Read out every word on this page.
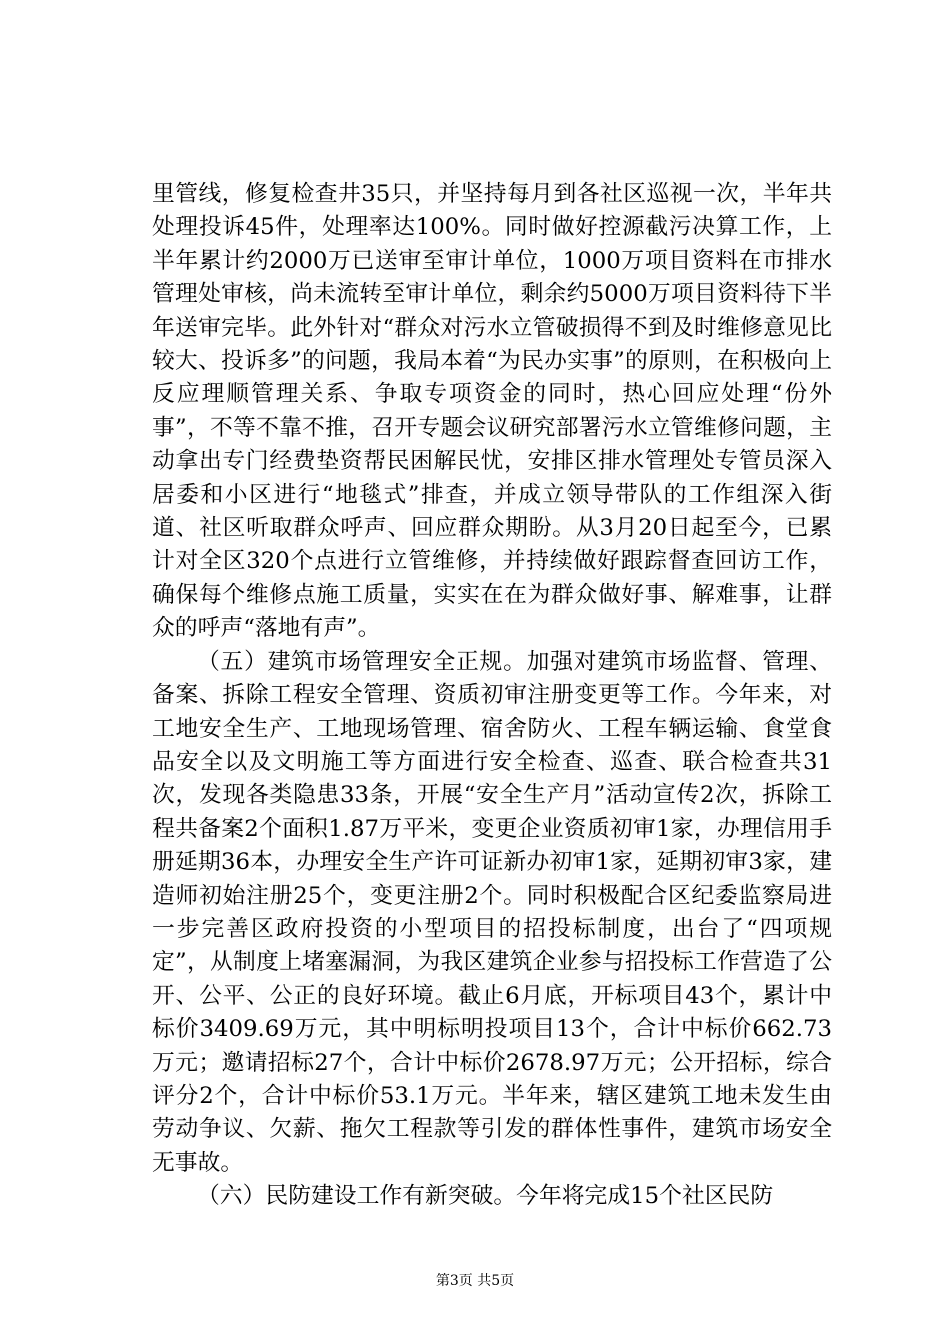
里管线，修复检查井35只，并坚持每月到各社区巡视一次，半年共处理投诉45件，处理率达100%。同时做好控源截污决算工作，上半年累计约2000万已送审至审计单位，1000万项目资料在市排水管理处审核，尚未流转至审计单位，剩余约5000万项目资料待下半年送审完毕。此外针对“群众对污水立管破损得不到及时维修意见比较大、投诉多”的问题，我局本着“为民办实事”的原则，在积极向上反应理顺管理关系、争取专项资金的同时，热心回应处理“份外事”，不等不靠不推，召开专题会议研究部署污水立管维修问题，主动拿出专门经费垫资帮民困解民忧，安排区排水管理处专管员深入居委和小区进行“地毯式”排查，并成立领导带队的工作组深入街道、社区听取群众呼声、回应群众期盼。从3月20日起至今，已累计对全区320个点进行立管维修，并持续做好跟踪督查回访工作，确保每个维修点施工质量，实实在在为群众做好事、解难事，让群众的呼声“落地有声”。

（五）建筑市场管理安全正规。加强对建筑市场监督、管理、备案、拆除工程安全管理、资质初审注册变更等工作。今年来，对工地安全生产、工地现场管理、宿舍防火、工程车辆运输、食堂食品安全以及文明施工等方面进行安全检查、巡查、联合检查共31次，发现各类隐患33条，开展“安全生产月”活动宣传2次，拆除工程共备案2个面积1.87万平米，变更企业资质初审1家，办理信用手册延期36本，办理安全生产许可证新办初审1家，延期初审3家，建造师初始注册25个，变更注册2个。同时积极配合区纪委监察局进一步完善区政府投资的小型项目的招投标制度，出台了“四项规定”，从制度上堵塞漏洞，为我区建筑企业参与招投标工作营造了公开、公平、公正的良好环境。截止6月底，开标项目43个，累计中标价3409.69万元，其中明标明投项目13个，合计中标价662.73万元；邀请招标27个，合计中标价2678.97万元；公开招标，综合评分2个，合计中标价53.1万元。半年来，辖区建筑工地未发生由劳动争议、欠薪、拖欠工程款等引发的群体性事件，建筑市场安全无事故。

（六）民防建设工作有新突破。今年将完成15个社区民防

第3页 共5页
